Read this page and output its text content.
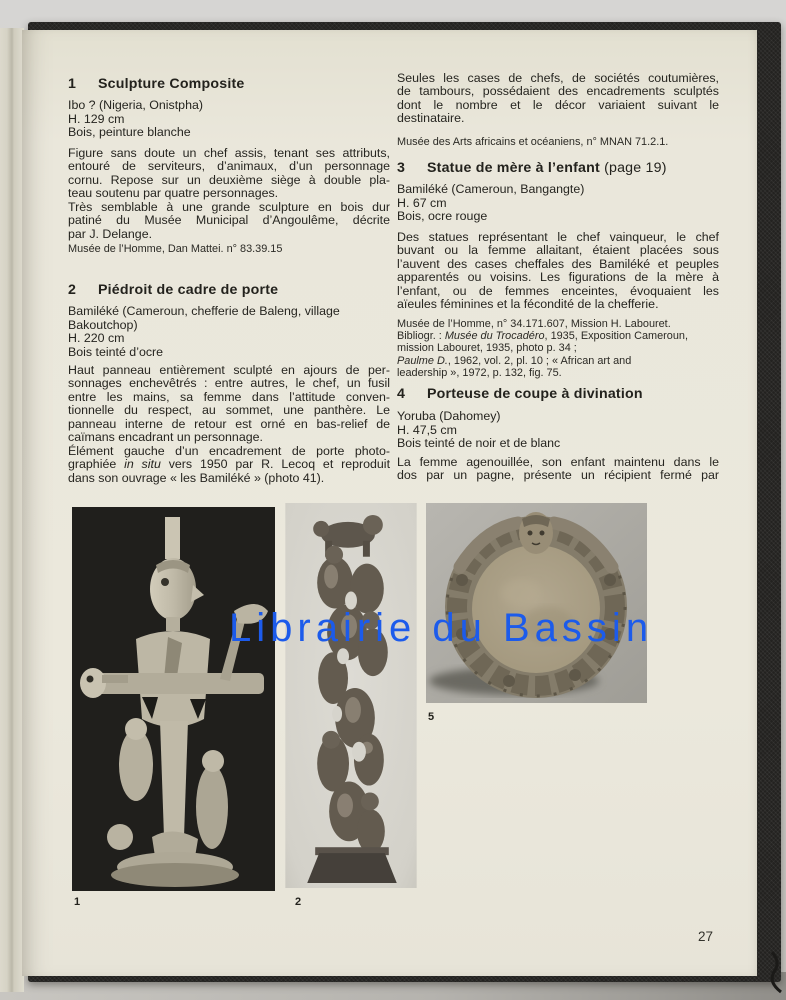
1 Sculpture Composite
Ibo ? (Nigeria, Onistpha)
H. 129 cm
Bois, peinture blanche
Figure sans doute un chef assis, tenant ses attributs,
entouré de serviteurs, d’animaux, d’un personnage
cornu. Repose sur un deuxième siège à double pla-
teau soutenu par quatre personnages.
Très semblable à une grande sculpture en bois dur
patiné du Musée Municipal d’Angoulême, décrite
par J. Delange.
Musée de l’Homme, Dan Mattei. n° 83.39.15
2 Piédroit de cadre de porte
Bamiléké (Cameroun, chefferie de Baleng, village
Bakoutchop)
H. 220 cm
Bois teinté d’ocre
Haut panneau entièrement sculpté en ajours de per-
sonnages enchevêtrés : entre autres, le chef, un fusil
entre les mains, sa femme dans l’attitude conven-
tionnelle du respect, au sommet, une panthère. Le
panneau interne de retour est orné en bas-relief de
caïmans encadrant un personnage.
Élément gauche d’un encadrement de porte photo-
graphiée in situ vers 1950 par R. Lecoq et reproduit
dans son ouvrage « les Bamiléké » (photo 41).
Seules les cases de chefs, de sociétés coutumières,
de tambours, possédaient des encadrements sculptés
dont le nombre et le décor variaient suivant le
destinataire.
Musée des Arts africains et océaniens, n° MNAN 71.2.1.
3 Statue de mère à l’enfant (page 19)
Bamiléké (Cameroun, Bangangte)
H. 67 cm
Bois, ocre rouge
Des statues représentant le chef vainqueur, le chef
buvant ou la femme allaitant, étaient placées sous
l’auvent des cases cheffales des Bamiléké et peuples
apparentés ou voisins. Les figurations de la mère à
l’enfant, ou de femmes enceintes, évoquaient les
aïeules féminines et la fécondité de la chefferie.
Musée de l’Homme, n° 34.171.607, Mission H. Labouret.
Bibliogr. : Musée du Trocadéro, 1935, Exposition Cameroun,
mission Labouret, 1935, photo p. 34 ;
Paulme D., 1962, vol. 2, pl. 10 ; « African art and
leadership », 1972, p. 132, fig. 75.
4 Porteuse de coupe à divination
Yoruba (Dahomey)
H. 47,5 cm
Bois teinté de noir et de blanc
La femme agenouillée, son enfant maintenu dans le
dos par un pagne, présente un récipient fermé par
1	2
5
27
Librairie du Bassin
